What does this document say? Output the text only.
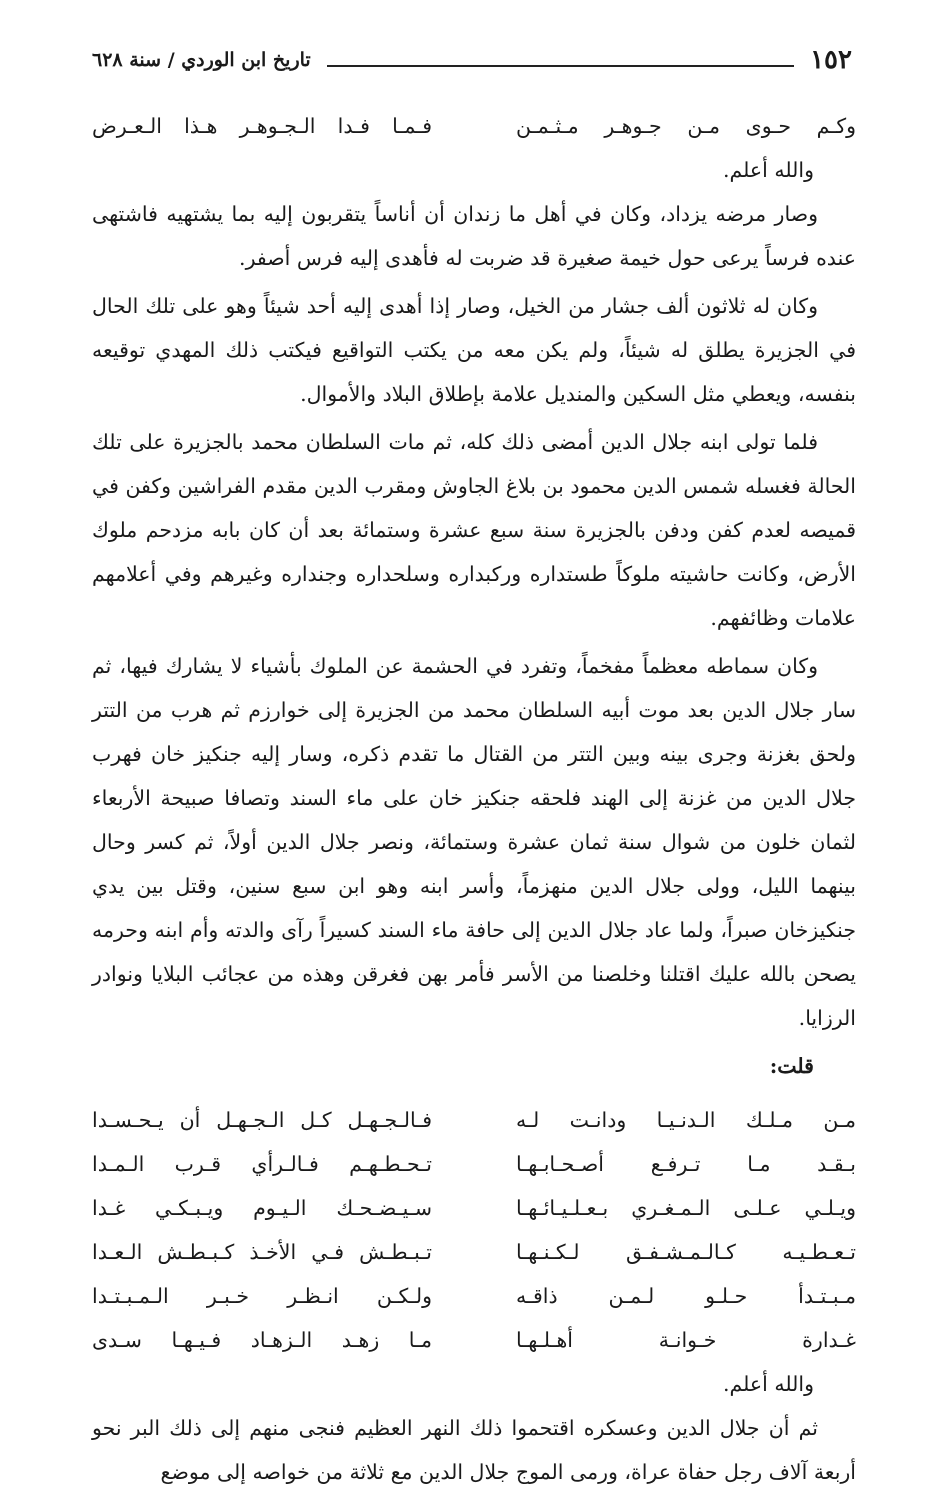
١٥٢
تاريخ ابن الوردي / سنة ٦٢٨
وكـم حـوى مـن جـوهـر مـثـمـن
فـمـا فـدا الـجـوهـر هـذا الـعـرض

والله أعلم.

وصار مرضه يزداد، وكان في أهل ما زندان أن أناساً يتقربون إليه بما يشتهيه فاشتهى عنده فرساً يرعى حول خيمة صغيرة قد ضربت له فأهدى إليه فرس أصفر.

وكان له ثلاثون ألف جشار من الخيل، وصار إذا أهدى إليه أحد شيئاً وهو على تلك الحال في الجزيرة يطلق له شيئاً، ولم يكن معه من يكتب التواقيع فيكتب ذلك المهدي توقيعه بنفسه، ويعطي مثل السكين والمنديل علامة بإطلاق البلاد والأموال.

فلما تولى ابنه جلال الدين أمضى ذلك كله، ثم مات السلطان محمد بالجزيرة على تلك الحالة فغسله شمس الدين محمود بن بلاغ الجاوش ومقرب الدين مقدم الفراشين وكفن في قميصه لعدم كفن ودفن بالجزيرة سنة سبع عشرة وستمائة بعد أن كان بابه مزدحم ملوك الأرض، وكانت حاشيته ملوكاً طستداره وركبداره وسلحداره وجنداره وغيرهم وفي أعلامهم علامات وظائفهم.

وكان سماطه معظماً مفخماً، وتفرد في الحشمة عن الملوك بأشياء لا يشارك فيها، ثم سار جلال الدين بعد موت أبيه السلطان محمد من الجزيرة إلى خوارزم ثم هرب من التتر ولحق بغزنة وجرى بينه وبين التتر من القتال ما تقدم ذكره، وسار إليه جنكيز خان فهرب جلال الدين من غزنة إلى الهند فلحقه جنكيز خان على ماء السند وتصافا صبيحة الأربعاء لثمان خلون من شوال سنة ثمان عشرة وستمائة، ونصر جلال الدين أولاً، ثم كسر وحال بينهما الليل، وولى جلال الدين منهزماً، وأسر ابنه وهو ابن سبع سنين، وقتل بين يدي جنكيزخان صبراً، ولما عاد جلال الدين إلى حافة ماء السند كسيراً رآى والدته وأم ابنه وحرمه يصحن بالله عليك اقتلنا وخلصنا من الأسر فأمر بهن فغرقن وهذه من عجائب البلايا ونوادر الرزايا.

قلت:

مـن مـلـك الـدنـيـا ودانـت لـه
فـالـجـهـل كـل الـجـهـل أن يـحـسـدا
بـقـد مـا تـرفـع أصـحـابـهـا
تـحـطـهـم فـالـرأي قـرب الـمـدا
ويـلـي عـلـى الـمـغـري بـعـلـيـائـهـا
سـيـضـحـك الـيـوم ويـبـكـي غـدا
تـعـطـيـه كـالـمـشـفـق لـكـنـهـا
تـبـطـش فـي الأخـذ كـبـطـش الـعـدا
مـبـتـدأ حـلـو لـمـن ذاقـه
ولـكـن انـظـر خـبـر الـمـبـتـدا
غـدارة خـوانـة أهـلـهـا
مـا زهـد الـزهـاد فـيـهـا سـدى

والله أعلم.

ثم أن جلال الدين وعسكره اقتحموا ذلك النهر العظيم فنجى منهم إلى ذلك البر نحو أربعة آلاف رجل حفاة عراة، ورمى الموج جلال الدين مع ثلاثة من خواصه إلى موضع
